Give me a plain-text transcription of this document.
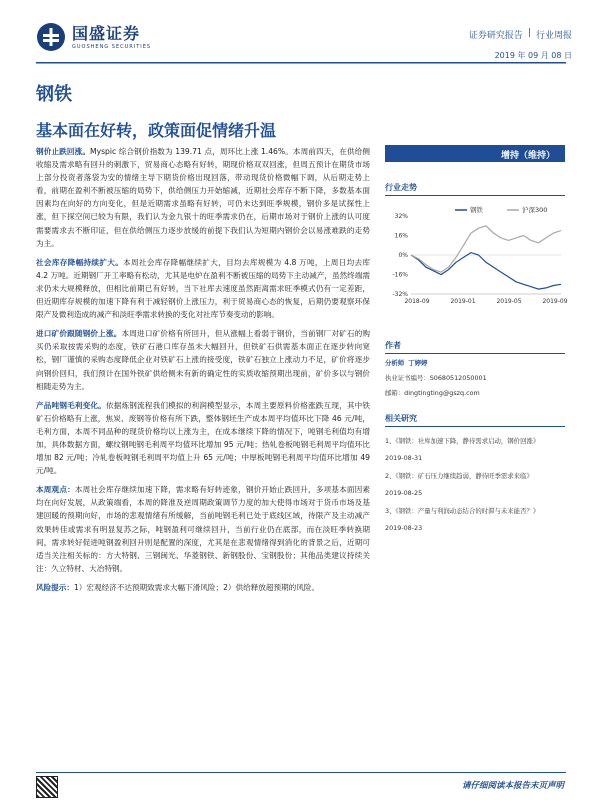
国盛证券
GUOSHENG SECURITIES
证券研究报告 | 行业周报
2019 年 09 月 08 日
钢铁
基本面在好转，政策面促情绪升温

钢价止跌回涨。Myspic 综合钢价指数为 139.71 点，周环比上涨 1.46%。本周前四天，在供给侧收缩及需求略有回升的刺激下，贸易商心态略有好转，期现价格双双回涨，但周五预计在期货市场上部分投资者落袋为安的情绪主导下期货价格出现回落，带动现货价格微幅下调，从后期走势上看，前期在盈利不断被压缩的局势下，供给侧压力开始缩减，近期社会库存不断下降，多数基本面因素均在向好的方向变化，但是近期需求虽略有好转，可仍未达到旺季规模，钢价多是试探性上涨，但下探空间已较为有限，我们认为金九银十的旺季需求仍在，后期市场对于钢价上涨的认可度需要需求去不断印证，但在供给侧压力逐步放缓的前提下我们认为短期内钢价会以易涨难跌的走势为主。

社会库存降幅持续扩大。本周社会库存降幅继续扩大，目均去库规模为 4.8 万吨，上周日均去库 4.2 万吨。近期钢厂开工率略有松动，尤其是电炉在盈利不断被压缩的局势下主动减产，虽然终端需求仍未大规模释放，但相比前期已有好转，当下社库去速度虽然距离需求旺季模式仍有一定差距，但近期库存规模的加速下降有利于减轻钢价上涨压力，利于贸易商心态的恢复，后期仍要观察环保限产及微利造成的减产和淡旺季需求转换的变化对社库节奏变动的影响。

进口矿价跟随钢价上涨。本周进口矿价格有所回升，但从涨幅上看弱于钢价，当前钢厂对矿石的购买仍采取按需采购的态度，铁矿石港口库存虽未大幅回升，但铁矿石供需基本面正在逐步转向宽松，钢厂谨慎的采购态度降低企业对铁矿石上涨的接受度，铁矿石独立上涨动力不足，矿价将逐步向钢价回归，我们预计在国外铁矿供给侧未有新的确定性的实质收缩预期出现前，矿价多以与钢价相随走势为主。

产品吨钢毛利变化。依据炼钢流程我们模拟的利润模型显示，本周主要原料价格涨跌互现，其中铁矿石价格略有上涨，焦炭、废钢等价格有所下跌，整体钢坯生产成本周平均值环比下降 46 元/吨，毛利方面，本周不同品种的现货价格均以上涨为主，在成本继续下降的情况下，吨钢毛利值均有增加，具体数据方面，螺纹钢吨钢毛利周平均值环比增加 95 元/吨；热轧卷板吨钢毛利周平均值环比增加 82 元/吨；冷轧卷板吨钢毛利周平均值上升 65 元/吨；中厚板吨钢毛利周平均值环比增加 49 元/吨。

本周观点：本周社会库存继续加速下降，需求略有好转迹象，钢价开始止跌回升，多项基本面因素均在向好发展，从政策端看，本周的降准及逆周期政策调节力度的加大使得市场对于货币市场及基建回暖的预期向好，市场的悲观情绪有所缓解，当前吨钢毛利已处于底线区域，待限产及主动减产效果转佳或需求有明显复苏之际，吨钢盈利可继续回升，当前行业仍在底部，而在淡旺季转换期间，需求转好促进吨钢盈利回升则是配置的深度，尤其是在悲观情绪得到消化的背景之后，近期可适当关注相关标的：方大特钢、三钢闽光、华菱钢铁、新钢股份、宝钢股份；其他品类建议持续关注：久立特材、大冶特钢。

风险提示：1）宏观经济不达预期致需求大幅下滑风险；2）供给释放超预期的风险。

增持（维持）
行业走势
32%
16%
0%
-16%
-32%
2018-09	2019-01	2019-05	2019-09
钢铁	沪深300
作者
分析师 丁婷婷
执业证书编号：S0680512050001
邮箱：dingtingting@gszq.com
相关研究
1、《钢铁：社库加速下降，静待需求启动，钢价回涨》
2019-08-31
2、《钢铁：矿石压力继续趋弱，静待旺季需求来临》
2019-08-25
3、《钢铁：产量与利润动态结合的时滞与未来能否？》
2019-08-23
请仔细阅读本报告末页声明
